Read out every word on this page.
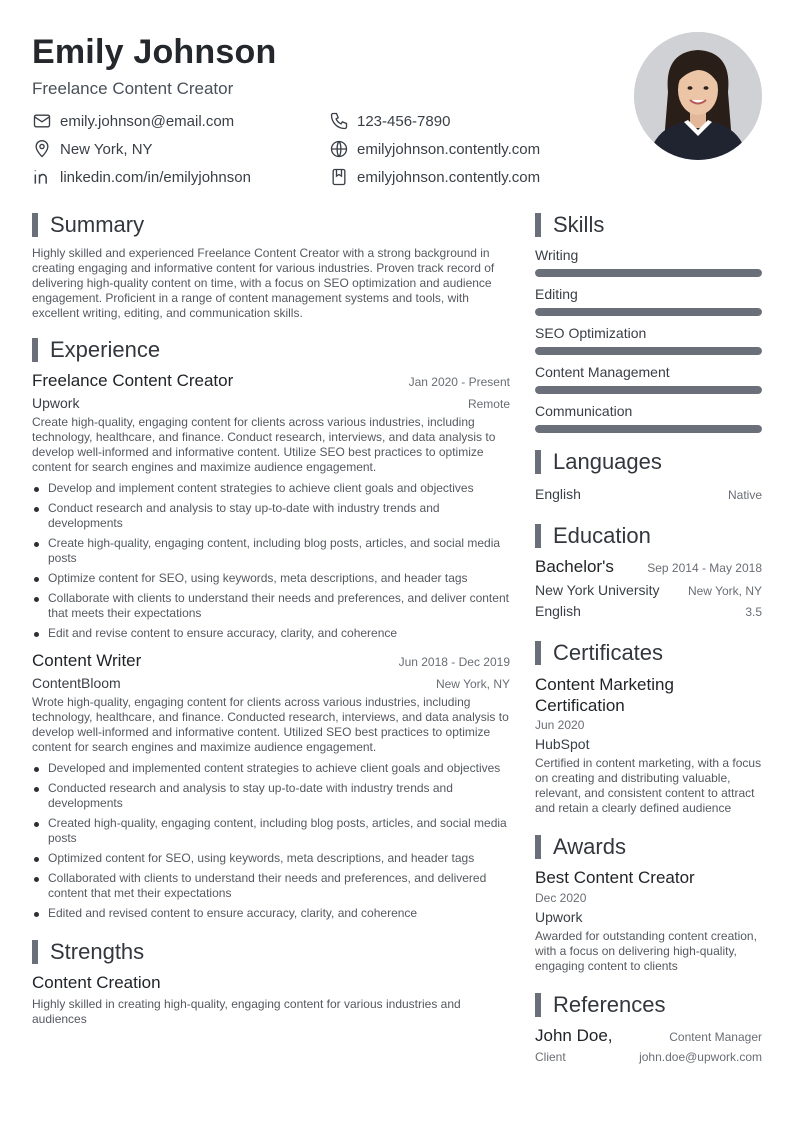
Emily Johnson
Freelance Content Creator
emily.johnson@email.com	123-456-7890
New York, NY	emilyjohnson.contently.com
linkedin.com/in/emilyjohnson	emilyjohnson.contently.com
Summary
Highly skilled and experienced Freelance Content Creator with a strong background in creating engaging and informative content for various industries. Proven track record of delivering high-quality content on time, with a focus on SEO optimization and audience engagement. Proficient in a range of content management systems and tools, with excellent writing, editing, and communication skills.
Experience
Freelance Content Creator	Jan 2020 - Present
Upwork	Remote
Create high-quality, engaging content for clients across various industries, including technology, healthcare, and finance. Conduct research, interviews, and data analysis to develop well-informed and informative content. Utilize SEO best practices to optimize content for search engines and maximize audience engagement.
Develop and implement content strategies to achieve client goals and objectives
Conduct research and analysis to stay up-to-date with industry trends and developments
Create high-quality, engaging content, including blog posts, articles, and social media posts
Optimize content for SEO, using keywords, meta descriptions, and header tags
Collaborate with clients to understand their needs and preferences, and deliver content that meets their expectations
Edit and revise content to ensure accuracy, clarity, and coherence
Content Writer	Jun 2018 - Dec 2019
ContentBloom	New York, NY
Wrote high-quality, engaging content for clients across various industries, including technology, healthcare, and finance. Conducted research, interviews, and data analysis to develop well-informed and informative content. Utilized SEO best practices to optimize content for search engines and maximize audience engagement.
Developed and implemented content strategies to achieve client goals and objectives
Conducted research and analysis to stay up-to-date with industry trends and developments
Created high-quality, engaging content, including blog posts, articles, and social media posts
Optimized content for SEO, using keywords, meta descriptions, and header tags
Collaborated with clients to understand their needs and preferences, and delivered content that met their expectations
Edited and revised content to ensure accuracy, clarity, and coherence
Strengths
Content Creation
Highly skilled in creating high-quality, engaging content for various industries and audiences
Skills
Writing
Editing
SEO Optimization
Content Management
Communication
Languages
English	Native
Education
Bachelor's	Sep 2014 - May 2018
New York University New York, NY
English	3.5
Certificates
Content Marketing Certification
Jun 2020
HubSpot
Certified in content marketing, with a focus on creating and distributing valuable, relevant, and consistent content to attract and retain a clearly defined audience
Awards
Best Content Creator
Dec 2020
Upwork
Awarded for outstanding content creation, with a focus on delivering high-quality, engaging content to clients
References
John Doe,	Content Manager
Client	john.doe@upwork.com
